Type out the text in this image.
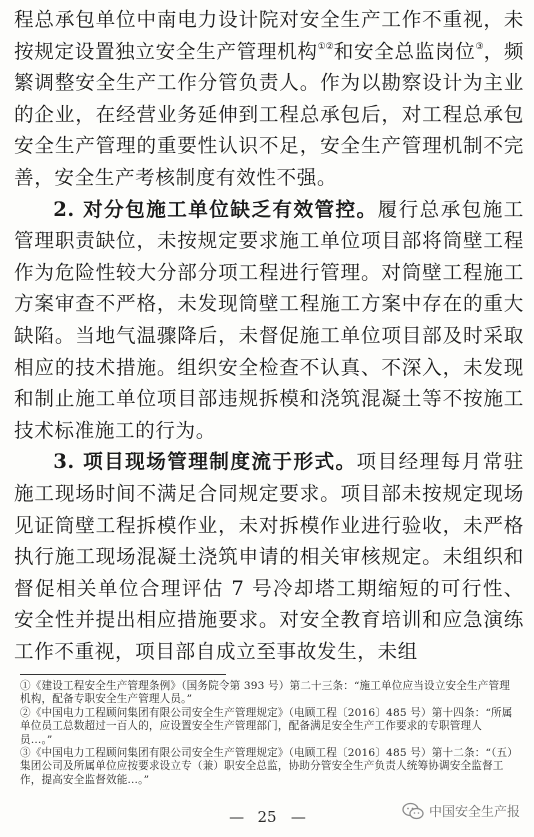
程总承包单位中南电力设计院对安全生产工作不重视，未按规定设置独立安全生产管理机构①②和安全总监岗位③，频繁调整安全生产工作分管负责人。作为以勘察设计为主业的企业，在经营业务延伸到工程总承包后，对工程总承包安全生产管理的重要性认识不足，安全生产管理机制不完善，安全生产考核制度有效性不强。

2. 对分包施工单位缺乏有效管控。履行总承包施工管理职责缺位，未按规定要求施工单位项目部将筒壁工程作为危险性较大分部分项工程进行管理。对筒壁工程施工方案审查不严格，未发现筒壁工程施工方案中存在的重大缺陷。当地气温骤降后，未督促施工单位项目部及时采取相应的技术措施。组织安全检查不认真、不深入，未发现和制止施工单位项目部违规拆模和浇筑混凝土等不按施工技术标准施工的行为。

3. 项目现场管理制度流于形式。项目经理每月常驻施工现场时间不满足合同规定要求。项目部未按规定现场见证筒壁工程拆模作业，未对拆模作业进行验收，未严格执行施工现场混凝土浇筑申请的相关审核规定。未组织和督促相关单位合理评估 7 号冷却塔工期缩短的可行性、安全性并提出相应措施要求。对安全教育培训和应急演练工作不重视，项目部自成立至事故发生，未组

①《建设工程安全生产管理条例》（国务院令第 393 号）第二十三条：“施工单位应当设立安全生产管理机构，配备专职安全生产管理人员。”

②《中国电力工程顾问集团有限公司安全生产管理规定》（电顾工程〔2016〕485 号）第十四条：“所属单位员工总数超过一百人的，应设置安全生产管理部门，配备满足安全生产工作要求的专职管理人员…。”

③《中国电力工程顾问集团有限公司安全生产管理规定》（电顾工程〔2016〕485 号）第十二条：“（五）集团公司及所属单位应按要求设立专（兼）职安全总监，协助分管安全生产负责人统筹协调安全监督工作，提高安全监督效能…。”

— 25 —	中国安全生产报
